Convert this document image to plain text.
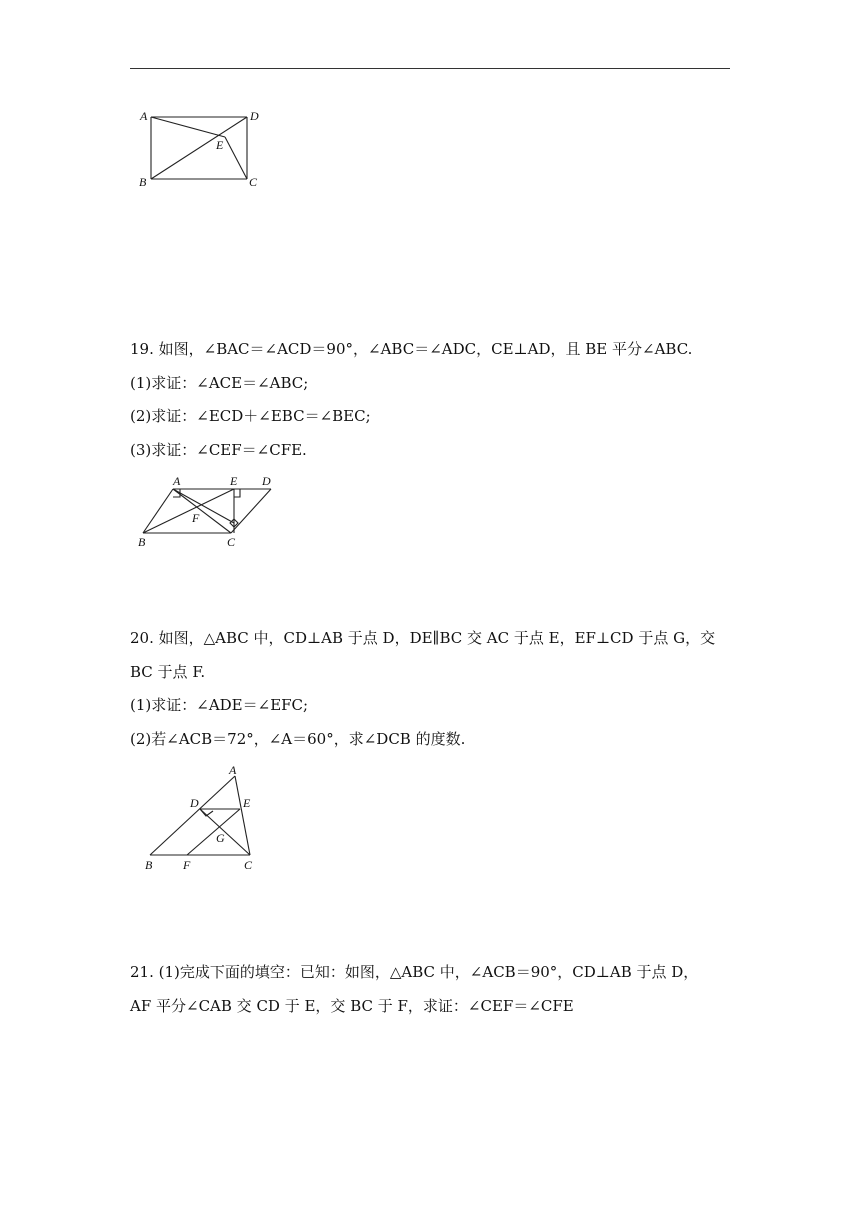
A	D
E
B	C
19. 如图，∠BAC＝∠ACD＝90°，∠ABC＝∠ADC，CE⊥AD，且 BE 平分∠ABC.
(1)求证：∠ACE＝∠ABC;
(2)求证：∠ECD＋∠EBC＝∠BEC;
(3)求证：∠CEF＝∠CFE.
A	E D
F
B	C
20. 如图，△ABC 中，CD⊥AB 于点 D，DE∥BC 交 AC 于点 E，EF⊥CD 于点 G，交
BC 于点 F.
(1)求证：∠ADE＝∠EFC;
(2)若∠ACB＝72°，∠A＝60°，求∠DCB 的度数.
A
D	E
G
B	F	C
21. (1)完成下面的填空：已知：如图，△ABC 中，∠ACB＝90°，CD⊥AB 于点 D，
AF 平分∠CAB 交 CD 于 E，交 BC 于 F，求证：∠CEF＝∠CFE
